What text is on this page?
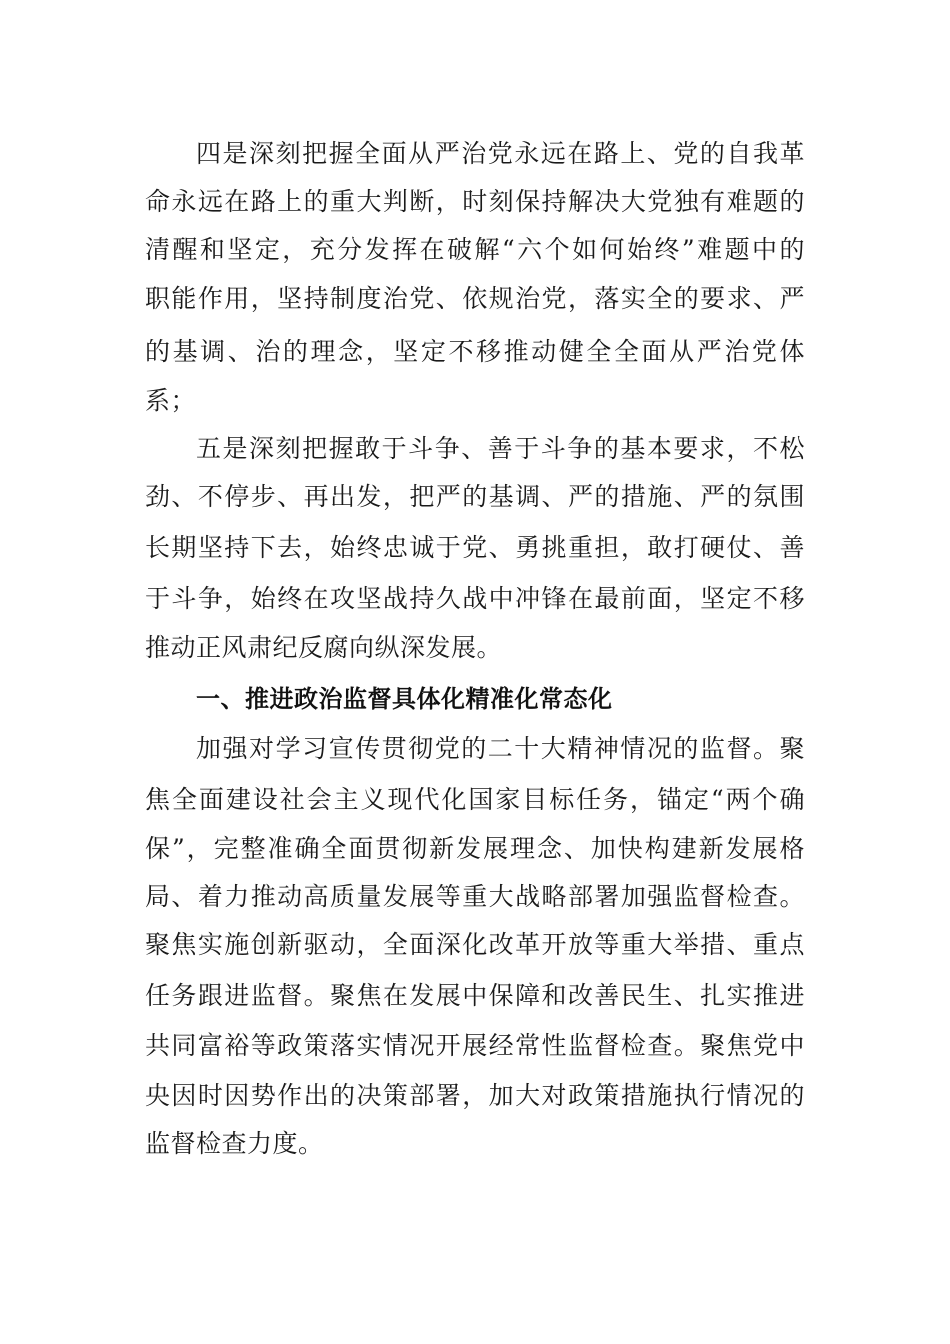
四是深刻把握全面从严治党永远在路上、党的自我革
命永远在路上的重大判断，时刻保持解决大党独有难题的
清醒和坚定，充分发挥在破解“六个如何始终”难题中的
职能作用，坚持制度治党、依规治党，落实全的要求、严
的基调、治的理念，坚定不移推动健全全面从严治党体
系；
五是深刻把握敢于斗争、善于斗争的基本要求，不松
劲、不停步、再出发，把严的基调、严的措施、严的氛围
长期坚持下去，始终忠诚于党、勇挑重担，敢打硬仗、善
于斗争，始终在攻坚战持久战中冲锋在最前面，坚定不移
推动正风肃纪反腐向纵深发展。
一、推进政治监督具体化精准化常态化
加强对学习宣传贯彻党的二十大精神情况的监督。聚
焦全面建设社会主义现代化国家目标任务，锚定“两个确
保”，完整准确全面贯彻新发展理念、加快构建新发展格
局、着力推动高质量发展等重大战略部署加强监督检查。
聚焦实施创新驱动，全面深化改革开放等重大举措、重点
任务跟进监督。聚焦在发展中保障和改善民生、扎实推进
共同富裕等政策落实情况开展经常性监督检查。聚焦党中
央因时因势作出的决策部署，加大对政策措施执行情况的
监督检查力度。
